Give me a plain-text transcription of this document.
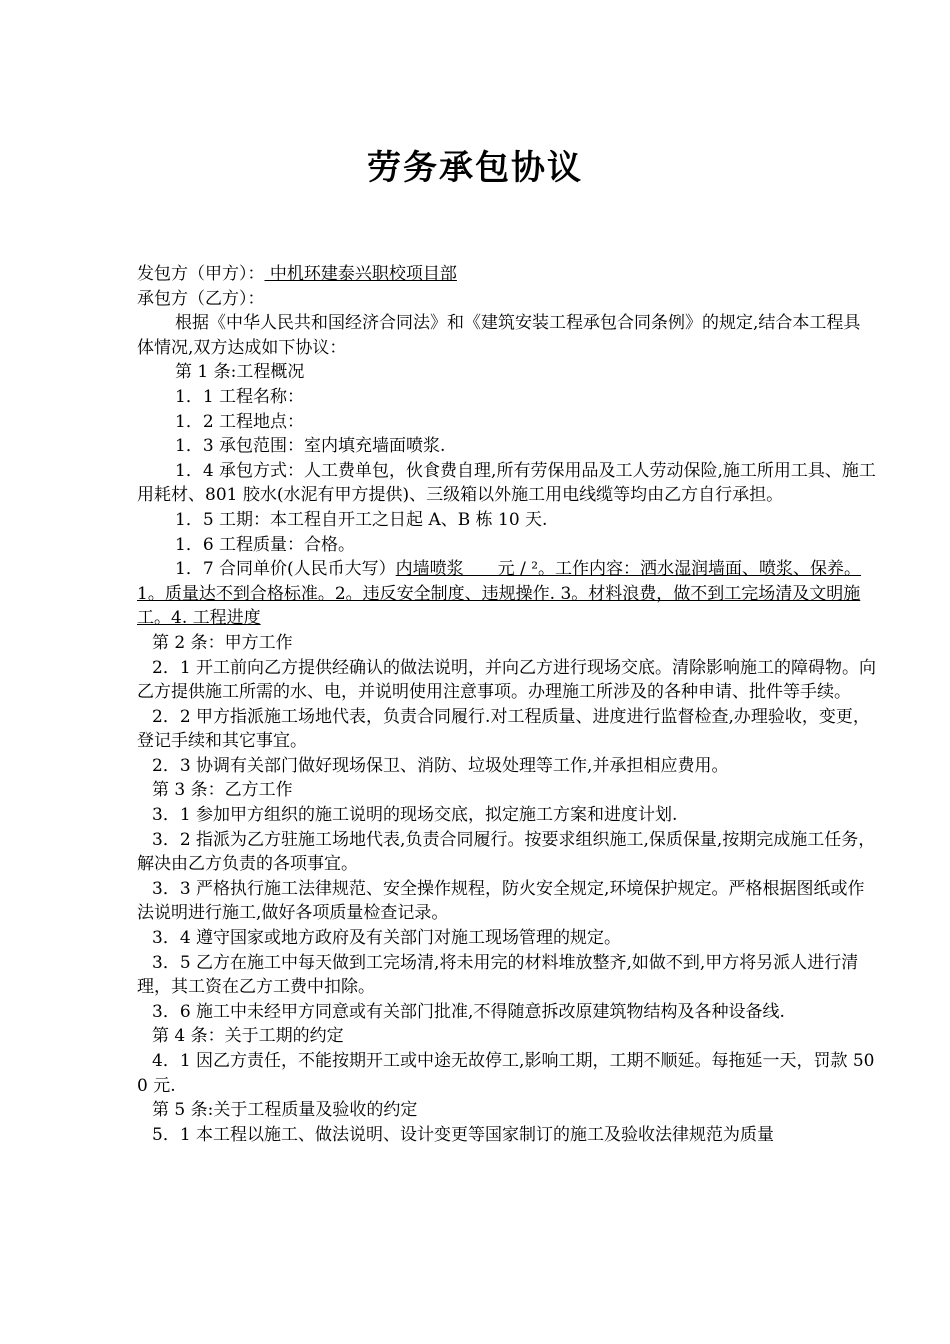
劳务承包协议

发包方（甲方）： 中机环建泰兴职校项目部

承包方（乙方）：

根据《中华人民共和国经济合同法》和《建筑安装工程承包合同条例》的规定,结合本工程具体情况,双方达成如下协议：

第 1 条:工程概况

1．1 工程名称：

1．2 工程地点：

1．3 承包范围：室内填充墙面喷浆.

1．4 承包方式：人工费单包，伙食费自理,所有劳保用品及工人劳动保险,施工所用工具、施工用耗材、801 胶水(水泥有甲方提供)、三级箱以外施工用电线缆等均由乙方自行承担。

1．5 工期：本工程自开工之日起 A、B 栋 10 天.

1．6 工程质量：合格。

1．7 合同单价(人民币大写）内墙喷浆　　元 / ²。工作内容：洒水湿润墙面、喷浆、保养。1。质量达不到合格标准。2。违反安全制度、违规操作. 3。材料浪费，做不到工完场清及文明施工。4. 工程进度

第 2 条：甲方工作

2．1 开工前向乙方提供经确认的做法说明，并向乙方进行现场交底。清除影响施工的障碍物。向乙方提供施工所需的水、电，并说明使用注意事项。办理施工所涉及的各种申请、批件等手续。

2．2 甲方指派施工场地代表，负责合同履行.对工程质量、进度进行监督检查,办理验收，变更，登记手续和其它事宜。

2．3 协调有关部门做好现场保卫、消防、垃圾处理等工作,并承担相应费用。

第 3 条：乙方工作

3．1 参加甲方组织的施工说明的现场交底，拟定施工方案和进度计划.

3．2 指派为乙方驻施工场地代表,负责合同履行。按要求组织施工,保质保量,按期完成施工任务，解决由乙方负责的各项事宜。

3．3 严格执行施工法律规范、安全操作规程，防火安全规定,环境保护规定。严格根据图纸或作法说明进行施工,做好各项质量检查记录。

3．4 遵守国家或地方政府及有关部门对施工现场管理的规定。

3．5 乙方在施工中每天做到工完场清,将未用完的材料堆放整齐,如做不到,甲方将另派人进行清理，其工资在乙方工费中扣除。

3．6 施工中未经甲方同意或有关部门批准,不得随意拆改原建筑物结构及各种设备线.

第 4 条：关于工期的约定

4．1 因乙方责任，不能按期开工或中途无故停工,影响工期，工期不顺延。每拖延一天，罚款 500 元.

第 5 条:关于工程质量及验收的约定

5．1 本工程以施工、做法说明、设计变更等国家制订的施工及验收法律规范为质量
